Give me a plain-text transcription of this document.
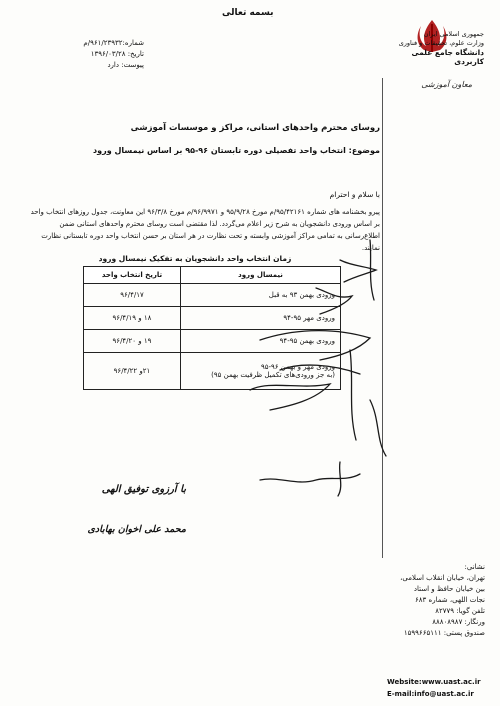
بسمه تعالی
شماره:۹۶۱/۲۳۹۳۲/م
تاریخ: ۱۳۹۶/۰۳/۲۸
پیوست: دارد
جمهوری اسلامی ایران
وزارت علوم، تحقیقات و فناوری
دانشگاه جامع علمی کاربردی
معاون آموزشی
روسای محترم واحدهای استانی، مراکز و موسسات آموزشی
موضوع: انتخاب واحد تفصیلی دوره تابستان ۹۶-۹۵ بر اساس نیمسال ورود
با سلام و احترام
پیرو بخشنامه های شماره ۹۵/۴۲۱۶۱/م مورخ ۹۵/۹/۲۸ و ۹۶/۹۹۷۱/م مورخ ۹۶/۳/۸ این معاونت، جدول روزهای انتخاب واحد بر اساس ورودی دانشجویان به شرح زیر اعلام می‌گردد. لذا مقتضی است روسای محترم واحدهای استانی ضمن اطلاع‌رسانی به تمامی مراکز آموزشی وابسته و تحت نظارت در هر استان بر حسن انتخاب واحد دوره تابستانی نظارت نمایند.
زمان انتخاب واحد دانشجویان به تفکیک نیمسال ورود
نیمسال ورود	تاریخ انتخاب واحد
ورودی بهمن ۹۳ به قبل	۹۶/۴/۱۷
ورودی مهر ۹۵-۹۴	۱۸ و ۹۶/۴/۱۹
ورودی بهمن ۹۵-۹۴	۱۹ و ۹۶/۴/۲۰

ورودی مهر و بهمن ۹۶-۹۵
(به جز ورودی‌های تکمیل ظرفیت بهمن ۹۵)	۲۱و ۹۶/۴/۲۲
با آرزوی توفیق الهی
محمد علی اخوان بهابادی
نشانی:
تهران، خیابان انقلاب اسلامی،
بین خیابان حافظ و استاد
نجات اللهی، شماره ۶۸۳
تلفن گویا: ۸۲۷۷۹
ورنگار: ۸۸۸۰۸۹۸۷
صندوق پستی: ۱۵۹۹۶۶۵۱۱۱
Website:www.uast.ac.ir
E-mail:info@uast.ac.ir
